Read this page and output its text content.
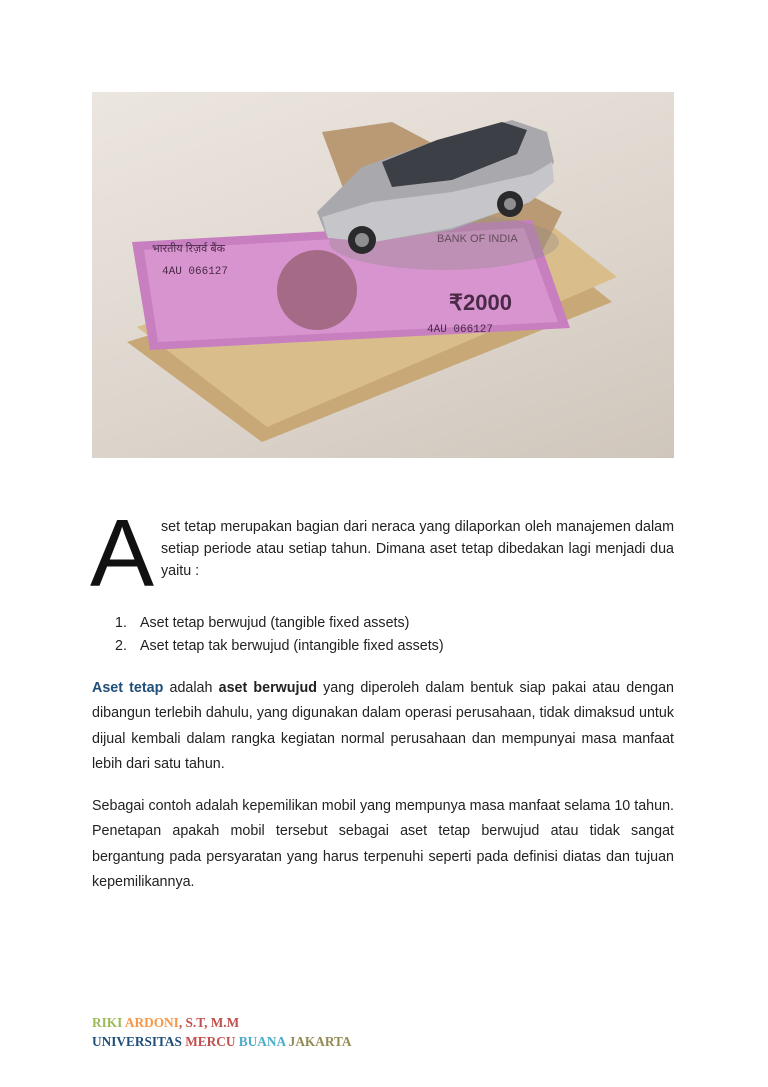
भारतीय रिज़र्व बैंक
BANK OF INDIA
4AU 066127
₹2000
4AU 066127
A set tetap merupakan bagian dari neraca yang dilaporkan oleh manajemen dalam setiap periode atau setiap tahun. Dimana aset tetap dibedakan lagi menjadi dua yaitu :
1. Aset tetap berwujud (tangible fixed assets)
2. Aset tetap tak berwujud (intangible fixed assets)

Aset tetap adalah aset berwujud yang diperoleh dalam bentuk siap pakai atau dengan dibangun terlebih dahulu, yang digunakan dalam operasi perusahaan, tidak dimaksud untuk dijual kembali dalam rangka kegiatan normal perusahaan dan mempunyai masa manfaat lebih dari satu tahun.

Sebagai contoh adalah kepemilikan mobil yang mempunya masa manfaat selama 10 tahun. Penetapan apakah mobil tersebut sebagai aset tetap berwujud atau tidak sangat bergantung pada persyaratan yang harus terpenuhi seperti pada definisi diatas dan tujuan kepemilikannya.

RIKI ARDONI, S.T, M.M
UNIVERSITAS MERCU BUANA JAKARTA
